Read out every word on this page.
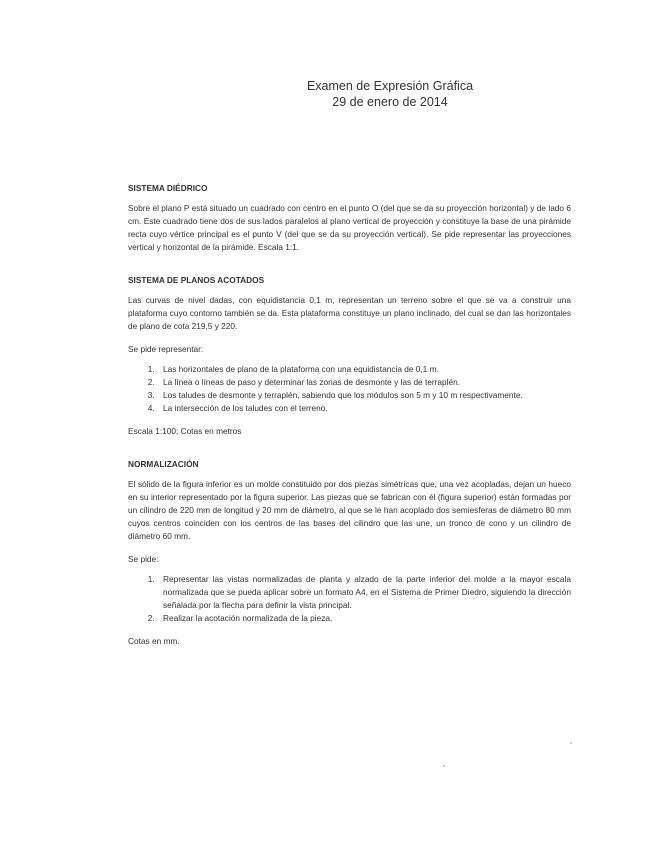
Examen de Expresión Gráfica
29 de enero de 2014

SISTEMA DIÉDRICO

Sobre el plano P está situado un cuadrado con centro en el punto O (del que se da su proyección horizontal) y de lado 6 cm. Este cuadrado tiene dos de sus lados paralelos al plano vertical de proyección y constituye la base de una pirámide recta cuyo vértice principal es el punto V (del que se da su proyección vertical). Se pide representar las proyecciones vertical y horizontal de la pirámide. Escala 1:1.

SISTEMA DE PLANOS ACOTADOS

Las curvas de nivel dadas, con equidistancia 0,1 m, representan un terreno sobre el que se va a construir una plataforma cuyo contorno también se da. Esta plataforma constituye un plano inclinado, del cual se dan las horizontales de plano de cota 219,5 y 220.

Se pide representar:

1. Las horizontales de plano de la plataforma con una equidistancia de 0,1 m.
2. La línea o líneas de paso y determinar las zonas de desmonte y las de terraplén.
3. Los taludes de desmonte y terraplén, sabiendo que los módulos son 5 m y 10 m respectivamente.
4. La intersección de los taludes con el terreno.

Escala 1:100; Cotas en metros

NORMALIZACIÓN

El sólido de la figura inferior es un molde constituido por dos piezas simétricas que, una vez acopladas, dejan un hueco en su interior representado por la figura superior. Las piezas que se fabrican con él (figura superior) están formadas por un cilindro de 220 mm de longitud y 20 mm de diámetro, al que se le han acoplado dos semiesferas de diámetro 80 mm cuyos centros coinciden con los centros de las bases del cilindro que las une, un tronco de cono y un cilindro de diámetro 60 mm.

Se pide:

1. Representar las vistas normalizadas de planta y alzado de la parte inferior del molde a la mayor escala normalizada que se pueda aplicar sobre un formato A4, en el Sistema de Primer Diedro, siguiendo la dirección señalada por la flecha para definir la vista principal.
2. Realizar la acotación normalizada de la pieza.

Cotas en mm.
